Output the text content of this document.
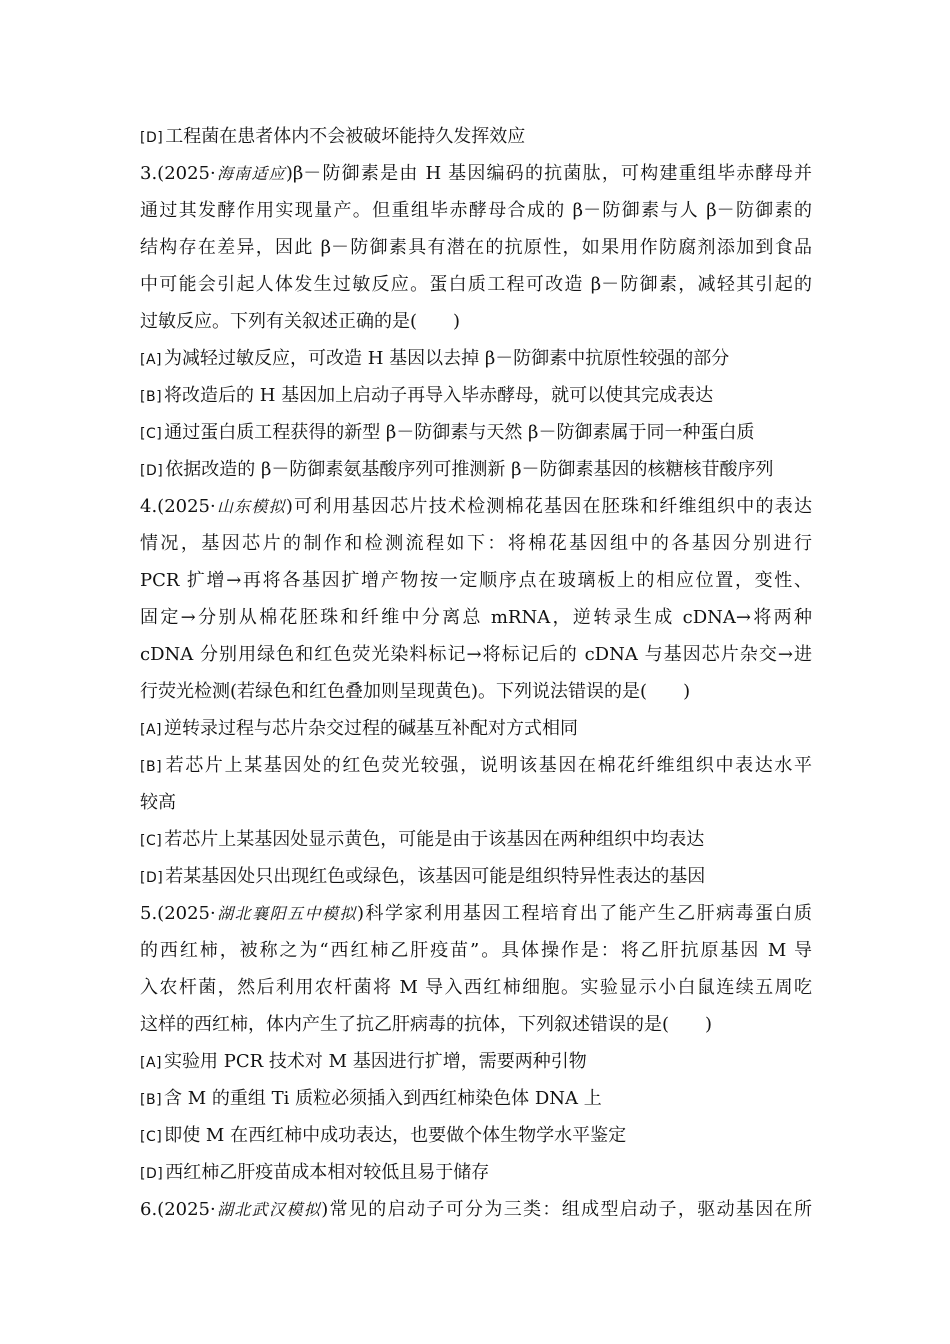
[D] 工程菌在患者体内不会被破坏能持久发挥效应
3.(2025·海南适应)β－防御素是由 H 基因编码的抗菌肽，可构建重组毕赤酵母并
通过其发酵作用实现量产。但重组毕赤酵母合成的 β－防御素与人 β－防御素的
结构存在差异，因此 β－防御素具有潜在的抗原性，如果用作防腐剂添加到食品
中可能会引起人体发生过敏反应。蛋白质工程可改造 β－防御素，减轻其引起的
过敏反应。下列有关叙述正确的是(　　)
[A] 为减轻过敏反应，可改造 H 基因以去掉 β－防御素中抗原性较强的部分
[B] 将改造后的 H 基因加上启动子再导入毕赤酵母，就可以使其完成表达
[C] 通过蛋白质工程获得的新型 β－防御素与天然 β－防御素属于同一种蛋白质
[D] 依据改造的 β－防御素氨基酸序列可推测新 β－防御素基因的核糖核苷酸序列
4.(2025·山东模拟)可利用基因芯片技术检测棉花基因在胚珠和纤维组织中的表达
情况，基因芯片的制作和检测流程如下：将棉花基因组中的各基因分别进行
PCR 扩增→再将各基因扩增产物按一定顺序点在玻璃板上的相应位置，变性、
固定→分别从棉花胚珠和纤维中分离总 mRNA，逆转录生成 cDNA→将两种
cDNA 分别用绿色和红色荧光染料标记→将标记后的 cDNA 与基因芯片杂交→进
行荧光检测(若绿色和红色叠加则呈现黄色)。下列说法错误的是(　　)
[A] 逆转录过程与芯片杂交过程的碱基互补配对方式相同
[B] 若芯片上某基因处的红色荧光较强，说明该基因在棉花纤维组织中表达水平
较高
[C] 若芯片上某基因处显示黄色，可能是由于该基因在两种组织中均表达
[D] 若某基因处只出现红色或绿色，该基因可能是组织特异性表达的基因
5.(2025·湖北襄阳五中模拟)科学家利用基因工程培育出了能产生乙肝病毒蛋白质
的西红柿，被称之为“西红柿乙肝疫苗”。具体操作是：将乙肝抗原基因 M 导
入农杆菌，然后利用农杆菌将 M 导入西红柿细胞。实验显示小白鼠连续五周吃
这样的西红柿，体内产生了抗乙肝病毒的抗体，下列叙述错误的是(　　)
[A] 实验用 PCR 技术对 M 基因进行扩增，需要两种引物
[B] 含 M 的重组 Ti 质粒必须插入到西红柿染色体 DNA 上
[C] 即使 M 在西红柿中成功表达，也要做个体生物学水平鉴定
[D] 西红柿乙肝疫苗成本相对较低且易于储存
6.(2025·湖北武汉模拟)常见的启动子可分为三类：组成型启动子，驱动基因在所
